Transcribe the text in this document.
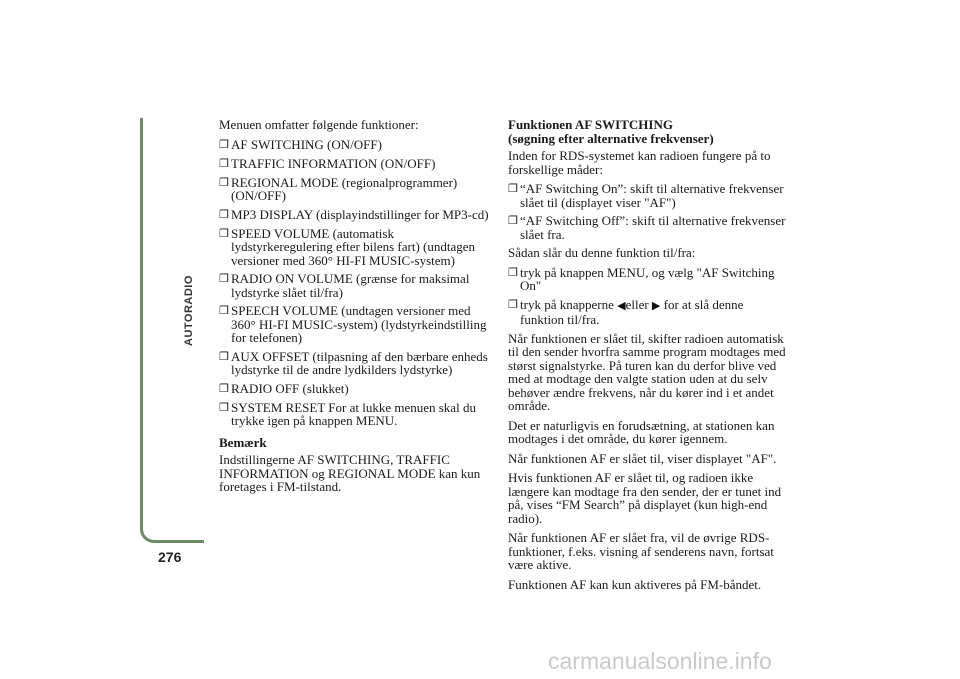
AUTORADIO
276

Menuen omfatter følgende funktioner:

❐ AF SWITCHING (ON/OFF)
❐ TRAFFIC INFORMATION (ON/OFF)
❐ REGIONAL MODE (regionalprogrammer) (ON/OFF)
❐ MP3 DISPLAY (displayindstillinger for MP3-cd)
❐ SPEED VOLUME (automatisk lydstyrkeregulering efter bilens fart) (undtagen versioner med 360° HI-FI MUSIC-system)
❐ RADIO ON VOLUME (grænse for maksimal lydstyrke slået til/fra)
❐ SPEECH VOLUME (undtagen versioner med 360° HI-FI MUSIC-system) (lydstyrkeindstilling for telefonen)
❐ AUX OFFSET (tilpasning af den bærbare enheds lydstyrke til de andre lydkilders lydstyrke)
❐ RADIO OFF (slukket)
❐ SYSTEM RESET For at lukke menuen skal du trykke igen på knappen MENU.

Bemærk

Indstillingerne AF SWITCHING, TRAFFIC INFORMATION og REGIONAL MODE kan kun foretages i FM-tilstand.

Funktionen AF SWITCHING
(søgning efter alternative frekvenser)

Inden for RDS-systemet kan radioen fungere på to forskellige måder:

❐ “AF Switching On”: skift til alternative frekvenser slået til (displayet viser "AF")
❐ “AF Switching Off”: skift til alternative frekvenser slået fra.

Sådan slår du denne funktion til/fra:

❐ tryk på knappen MENU, og vælg "AF Switching On"
❐ tryk på knapperne ◀eller ▶ for at slå denne funktion til/fra.

Når funktionen er slået til, skifter radioen automatisk til den sender hvorfra samme program modtages med størst signalstyrke. På turen kan du derfor blive ved med at modtage den valgte station uden at du selv behøver ændre frekvens, når du kører ind i et andet område.

Det er naturligvis en forudsætning, at stationen kan modtages i det område, du kører igennem.

Når funktionen AF er slået til, viser displayet "AF".

Hvis funktionen AF er slået til, og radioen ikke længere kan modtage fra den sender, der er tunet ind på, vises “FM Search” på displayet (kun high-end radio).

Når funktionen AF er slået fra, vil de øvrige RDS-funktioner, f.eks. visning af senderens navn, fortsat være aktive.

Funktionen AF kan kun aktiveres på FM-båndet.

carmanualsonline.info
